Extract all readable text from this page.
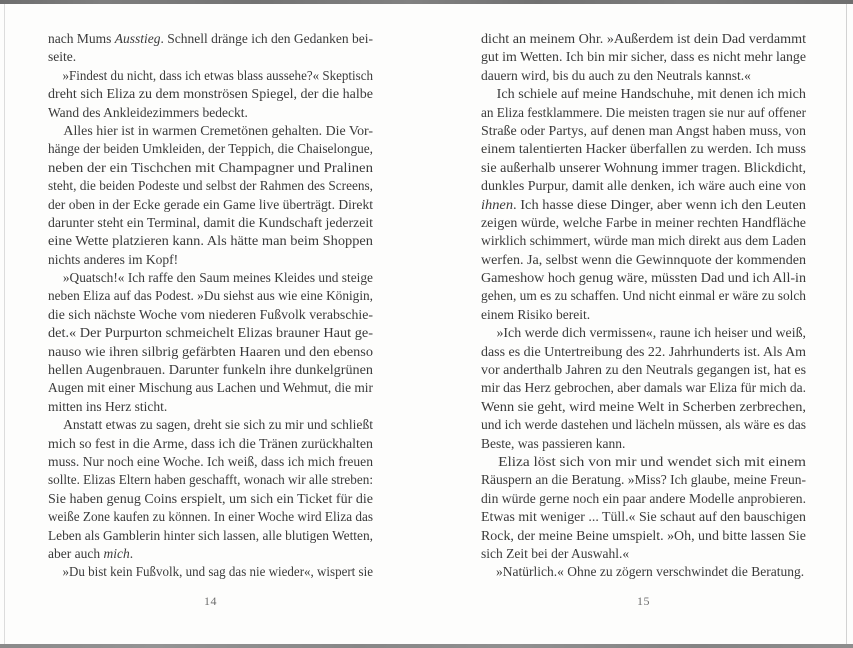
nach Mums Ausstieg. Schnell dränge ich den Gedanken bei-
seite.
»Findest du nicht, dass ich etwas blass aussehe?« Skeptisch
dreht sich Eliza zu dem monströsen Spiegel, der die halbe
Wand des Ankleidezimmers bedeckt.
Alles hier ist in warmen Cremetönen gehalten. Die Vor-
hänge der beiden Umkleiden, der Teppich, die Chaiselongue,
neben der ein Tischchen mit Champagner und Pralinen
steht, die beiden Podeste und selbst der Rahmen des Screens,
der oben in der Ecke gerade ein Game live überträgt. Direkt
darunter steht ein Terminal, damit die Kundschaft jederzeit
eine Wette platzieren kann. Als hätte man beim Shoppen
nichts anderes im Kopf!
»Quatsch!« Ich raffe den Saum meines Kleides und steige
neben Eliza auf das Podest. »Du siehst aus wie eine Königin,
die sich nächste Woche vom niederen Fußvolk verabschie-
det.« Der Purpurton schmeichelt Elizas brauner Haut ge-
nauso wie ihren silbrig gefärbten Haaren und den ebenso
hellen Augenbrauen. Darunter funkeln ihre dunkelgrünen
Augen mit einer Mischung aus Lachen und Wehmut, die mir
mitten ins Herz sticht.
Anstatt etwas zu sagen, dreht sie sich zu mir und schließt
mich so fest in die Arme, dass ich die Tränen zurückhalten
muss. Nur noch eine Woche. Ich weiß, dass ich mich freuen
sollte. Elizas Eltern haben geschafft, wonach wir alle streben:
Sie haben genug Coins erspielt, um sich ein Ticket für die
weiße Zone kaufen zu können. In einer Woche wird Eliza das
Leben als Gamblerin hinter sich lassen, alle blutigen Wetten,
aber auch mich.
»Du bist kein Fußvolk, und sag das nie wieder«, wispert sie
dicht an meinem Ohr. »Außerdem ist dein Dad verdammt
gut im Wetten. Ich bin mir sicher, dass es nicht mehr lange
dauern wird, bis du auch zu den Neutrals kannst.«
Ich schiele auf meine Handschuhe, mit denen ich mich
an Eliza festklammere. Die meisten tragen sie nur auf offener
Straße oder Partys, auf denen man Angst haben muss, von
einem talentierten Hacker überfallen zu werden. Ich muss
sie außerhalb unserer Wohnung immer tragen. Blickdicht,
dunkles Purpur, damit alle denken, ich wäre auch eine von
ihnen. Ich hasse diese Dinger, aber wenn ich den Leuten
zeigen würde, welche Farbe in meiner rechten Handfläche
wirklich schimmert, würde man mich direkt aus dem Laden
werfen. Ja, selbst wenn die Gewinnquote der kommenden
Gameshow hoch genug wäre, müssten Dad und ich All-in
gehen, um es zu schaffen. Und nicht einmal er wäre zu solch
einem Risiko bereit.
»Ich werde dich vermissen«, raune ich heiser und weiß,
dass es die Untertreibung des 22. Jahrhunderts ist. Als Am
vor anderthalb Jahren zu den Neutrals gegangen ist, hat es
mir das Herz gebrochen, aber damals war Eliza für mich da.
Wenn sie geht, wird meine Welt in Scherben zerbrechen,
und ich werde dastehen und lächeln müssen, als wäre es das
Beste, was passieren kann.
Eliza löst sich von mir und wendet sich mit einem
Räuspern an die Beratung. »Miss? Ich glaube, meine Freun-
din würde gerne noch ein paar andere Modelle anprobieren.
Etwas mit weniger ... Tüll.« Sie schaut auf den bauschigen
Rock, der meine Beine umspielt. »Oh, und bitte lassen Sie
sich Zeit bei der Auswahl.«
»Natürlich.« Ohne zu zögern verschwindet die Beratung.
14	15
